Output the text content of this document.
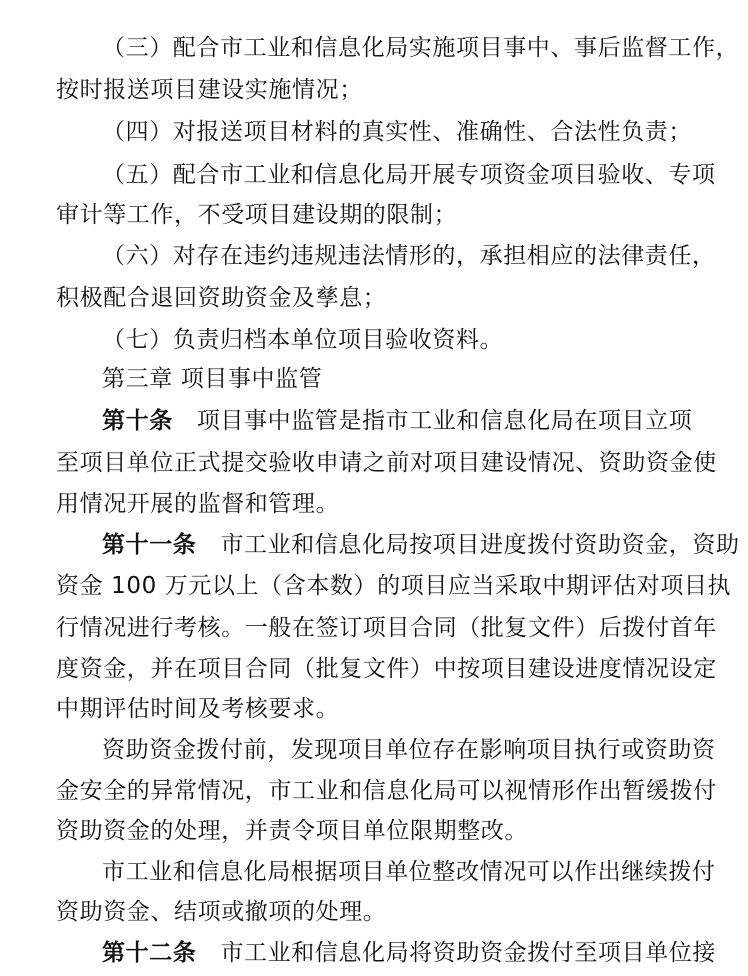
（三）配合市工业和信息化局实施项目事中、事后监督工作，
按时报送项目建设实施情况；
（四）对报送项目材料的真实性、准确性、合法性负责；
（五）配合市工业和信息化局开展专项资金项目验收、专项
审计等工作，不受项目建设期的限制；
（六）对存在违约违规违法情形的，承担相应的法律责任，
积极配合退回资助资金及孳息；
（七）负责归档本单位项目验收资料。
第三章 项目事中监管
第十条 项目事中监管是指市工业和信息化局在项目立项
至项目单位正式提交验收申请之前对项目建设情况、资助资金使
用情况开展的监督和管理。
第十一条 市工业和信息化局按项目进度拨付资助资金，资助
资金 100 万元以上（含本数）的项目应当采取中期评估对项目执
行情况进行考核。一般在签订项目合同（批复文件）后拨付首年
度资金，并在项目合同（批复文件）中按项目建设进度情况设定
中期评估时间及考核要求。
资助资金拨付前，发现项目单位存在影响项目执行或资助资
金安全的异常情况，市工业和信息化局可以视情形作出暂缓拨付
资助资金的处理，并责令项目单位限期整改。
市工业和信息化局根据项目单位整改情况可以作出继续拨付
资助资金、结项或撤项的处理。
第十二条 市工业和信息化局将资助资金拨付至项目单位接
